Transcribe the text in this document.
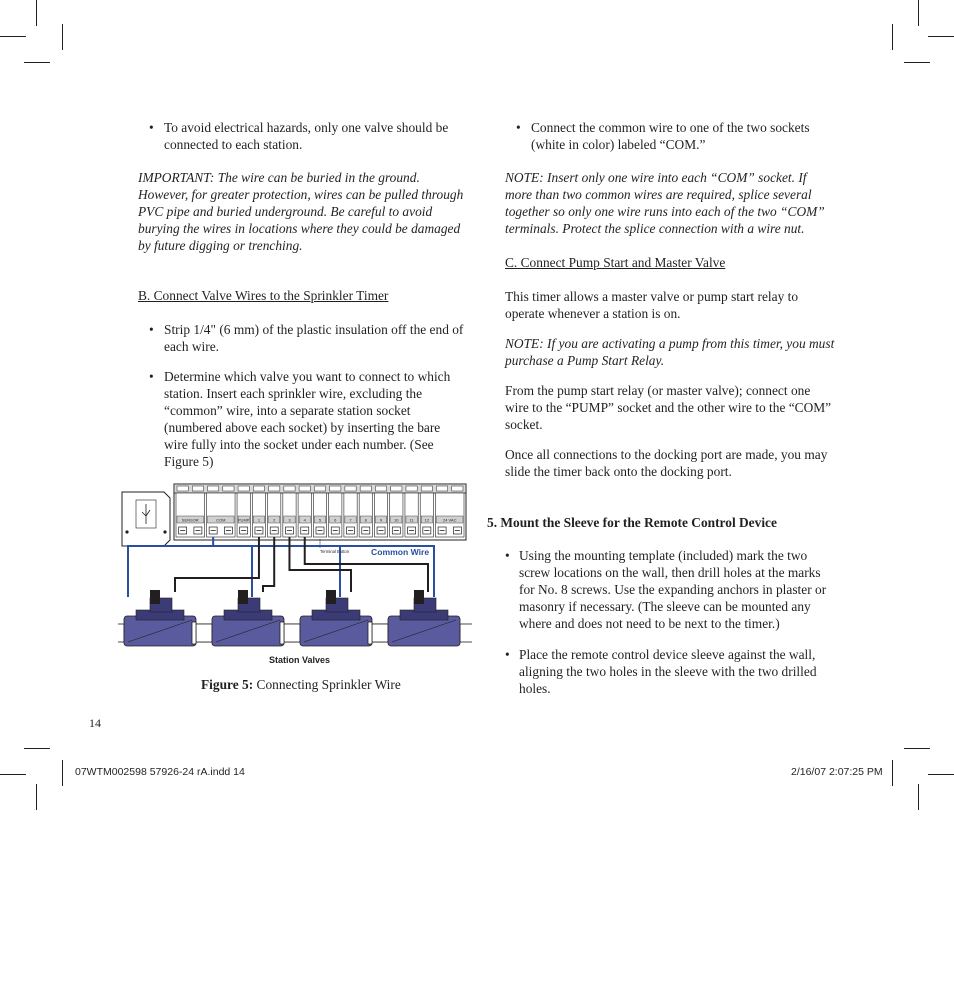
• To avoid electrical hazards, only one valve should be connected to each station.

IMPORTANT: The wire can be buried in the ground. However, for greater protection, wires can be pulled through PVC pipe and buried underground. Be careful to avoid burying the wires in locations where they could be damaged by future digging or trenching.

B. Connect Valve Wires to the Sprinkler Timer

• Strip 1/4" (6 mm) of the plastic insulation off the end of each wire.

• Determine which valve you want to connect to which station. Insert each sprinkler wire, excluding the “common” wire, into a separate station socket (numbered above each socket) by inserting the bare wire fully into the socket under each number. (See Figure 5)

SENSOR	COM	PUMP 1	2	3	4	5	6	7	8	9	10	11	12	24 VAC
Terminal Button	Common Wire
Station Valves
Figure 5: Connecting Sprinkler Wire
• Connect the common wire to one of the two sockets (white in color) labeled “COM.”

NOTE: Insert only one wire into each “COM” socket. If more than two common wires are required, splice several together so only one wire runs into each of the two “COM” terminals. Protect the splice connection with a wire nut.

C. Connect Pump Start and Master Valve

This timer allows a master valve or pump start relay to operate whenever a station is on.

NOTE: If you are activating a pump from this timer, you must purchase a Pump Start Relay.

From the pump start relay (or master valve); connect one wire to the “PUMP” socket and the other wire to the “COM” socket.

Once all connections to the docking port are made, you may slide the timer back onto the docking port.

5. Mount the Sleeve for the Remote Control Device

• Using the mounting template (included) mark the two screw locations on the wall, then drill holes at the marks for No. 8 screws. Use the expanding anchors in plaster or masonry if necessary. (The sleeve can be mounted any where and does not need to be next to the timer.)

• Place the remote control device sleeve against the wall, aligning the two holes in the sleeve with the two drilled holes.

14
07WTM002598 57926-24 rA.indd 14	2/16/07 2:07:25 PM
